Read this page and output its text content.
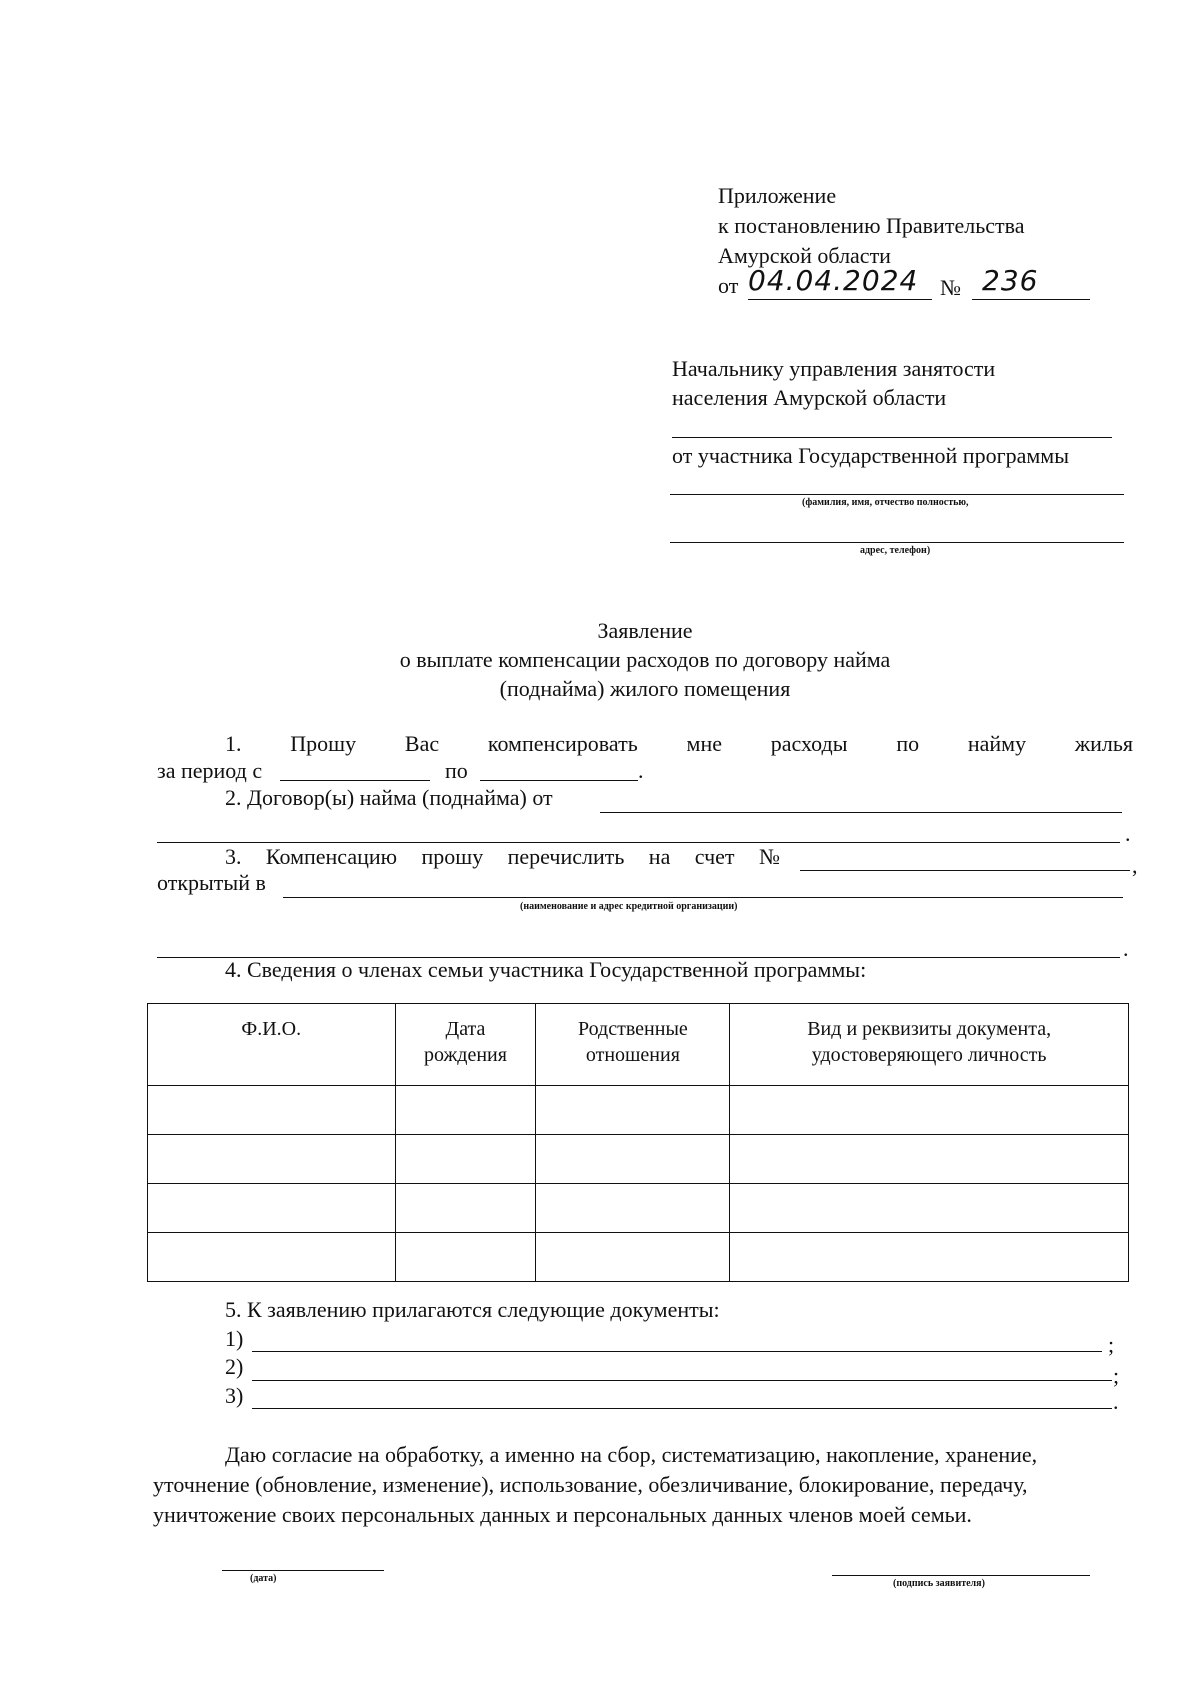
Приложение
к постановлению Правительства
Амурской области
от 04.04.2024 № 236
Начальнику управления занятости
населения Амурской области
от участника Государственной программы
(фамилия, имя, отчество полностью,
адрес, телефон)
Заявление
о выплате компенсации расходов по договору найма
(поднайма) жилого помещения
1. Прошу Вас компенсировать мне расходы по найму жилья
за период с	по	.
2. Договор(ы) найма (поднайма) от
.
3. Компенсацию прошу перечислить на счет №	,
открытый в
(наименование и адрес кредитной организации)
.
4. Сведения о членах семьи участника Государственной программы:
Ф.И.О.	Дата рождения	Родственные отношения	Вид и реквизиты документа, удостоверяющего личность

5. К заявлению прилагаются следующие документы:
1)	;
2)	;
3)	.
Даю согласие на обработку, а именно на сбор, систематизацию, накопление, хранение,
уточнение (обновление, изменение), использование, обезличивание, блокирование, передачу,
уничтожение своих персональных данных и персональных данных членов моей семьи.
(дата)	(подпись заявителя)
